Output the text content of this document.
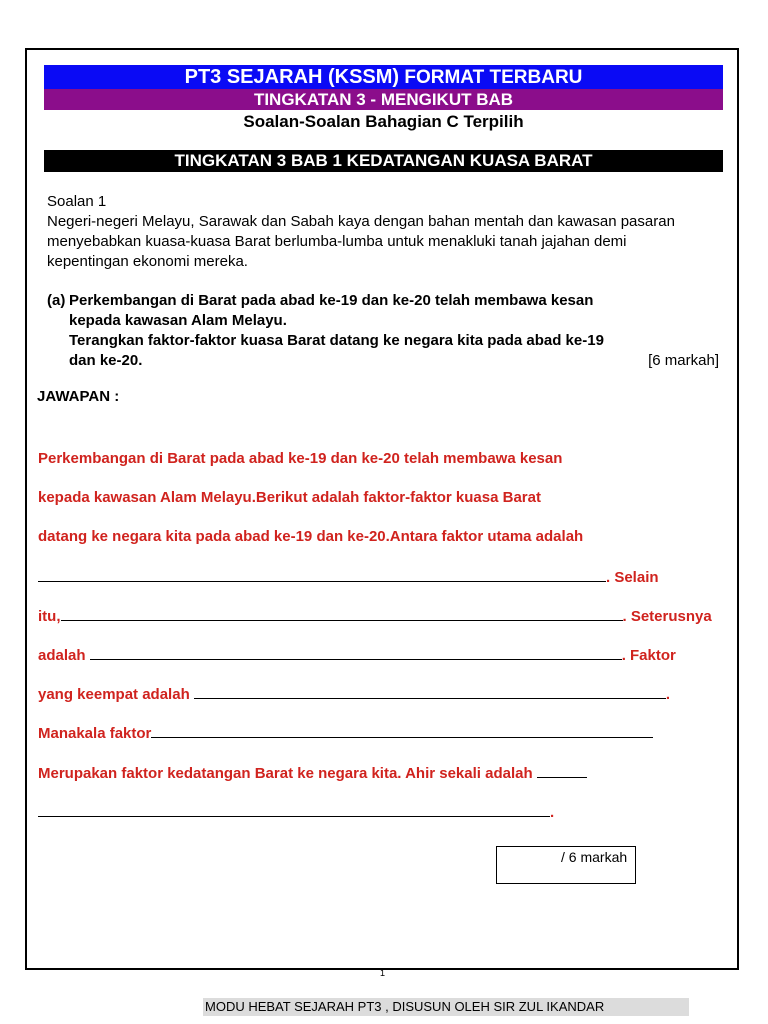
PT3 SEJARAH (KSSM) FORMAT TERBARU
TINGKATAN 3 - MENGIKUT BAB
Soalan-Soalan Bahagian C Terpilih
TINGKATAN 3 BAB 1 KEDATANGAN KUASA BARAT
Soalan 1
Negeri-negeri Melayu, Sarawak dan Sabah kaya dengan bahan mentah dan kawasan pasaran menyebabkan kuasa-kuasa Barat berlumba-lumba untuk menakluki tanah jajahan demi kepentingan ekonomi mereka.
(a) Perkembangan di Barat pada abad ke-19 dan ke-20 telah membawa kesan
kepada kawasan Alam Melayu.
Terangkan faktor-faktor kuasa Barat datang ke negara kita pada abad ke-19
dan ke-20.	[6 markah]
JAWAPAN :
Perkembangan di Barat pada abad ke-19 dan ke-20 telah membawa kesan
kepada kawasan Alam Melayu.Berikut adalah faktor-faktor kuasa Barat
datang ke negara kita pada abad ke-19 dan ke-20.Antara faktor utama adalah
. Selain
itu,	. Seterusnya
adalah	. Faktor
yang keempat adalah	.
Manakala faktor
Merupakan faktor kedatangan Barat ke negara kita. Ahir sekali adalah
.
/ 6 markah
1
MODU HEBAT SEJARAH PT3 , DISUSUN OLEH SIR ZUL IKANDAR
